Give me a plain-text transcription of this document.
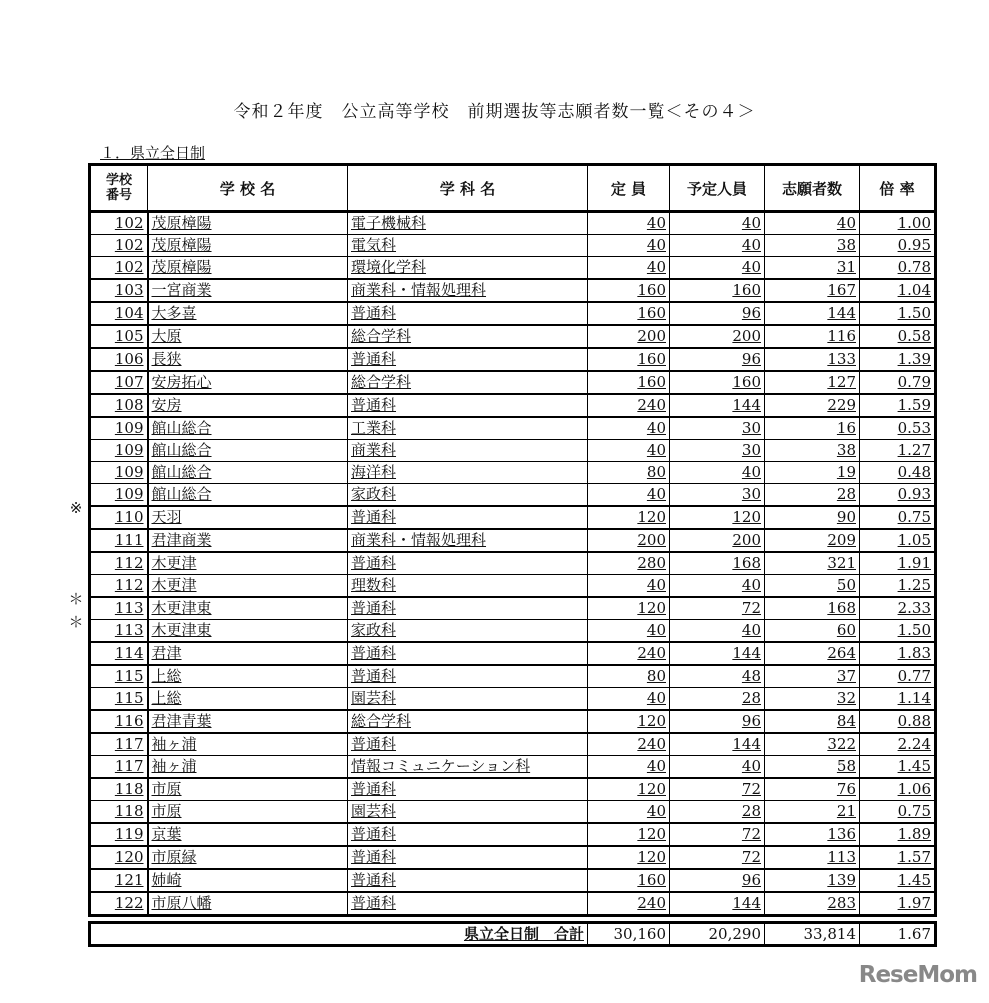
令和２年度　公立高等学校　前期選抜等志願者数一覧＜その４＞
１．県立全日制
学校
番号	学 校 名	学 科 名	定 員	予定人員	志願者数	倍 率
102	茂原樟陽	電子機械科	40	40	40	1.00
102	茂原樟陽	電気科	40	40	38	0.95
102	茂原樟陽	環境化学科	40	40	31	0.78
103	一宮商業	商業科・情報処理科	160	160	167	1.04
104	大多喜	普通科	160	96	144	1.50
105	大原	総合学科	200	200	116	0.58
106	長狭	普通科	160	96	133	1.39
107	安房拓心	総合学科	160	160	127	0.79
108	安房	普通科	240	144	229	1.59
109	館山総合	工業科	40	30	16	0.53
109	館山総合	商業科	40	30	38	1.27
109	館山総合	海洋科	80	40	19	0.48
109	館山総合	家政科	40	30	28	0.93
110	天羽	普通科	120	120	90	0.75
111	君津商業	商業科・情報処理科	200	200	209	1.05
112	木更津	普通科	280	168	321	1.91
112	木更津	理数科	40	40	50	1.25
113	木更津東	普通科	120	72	168	2.33
113	木更津東	家政科	40	40	60	1.50
114	君津	普通科	240	144	264	1.83
115	上総	普通科	80	48	37	0.77
115	上総	園芸科	40	28	32	1.14
116	君津青葉	総合学科	120	96	84	0.88
117	袖ヶ浦	普通科	240	144	322	2.24
117	袖ヶ浦	情報コミュニケーション科	40	40	58	1.45
118	市原	普通科	120	72	76	1.06
118	市原	園芸科	40	28	21	0.75
119	京葉	普通科	120	72	136	1.89
120	市原緑	普通科	120	72	113	1.57
121	姉崎	普通科	160	96	139	1.45
122	市原八幡	普通科	240	144	283	1.97
県立全日制　合計	30,160	20,290	33,814	1.67
※
＊
＊
ReseMom
